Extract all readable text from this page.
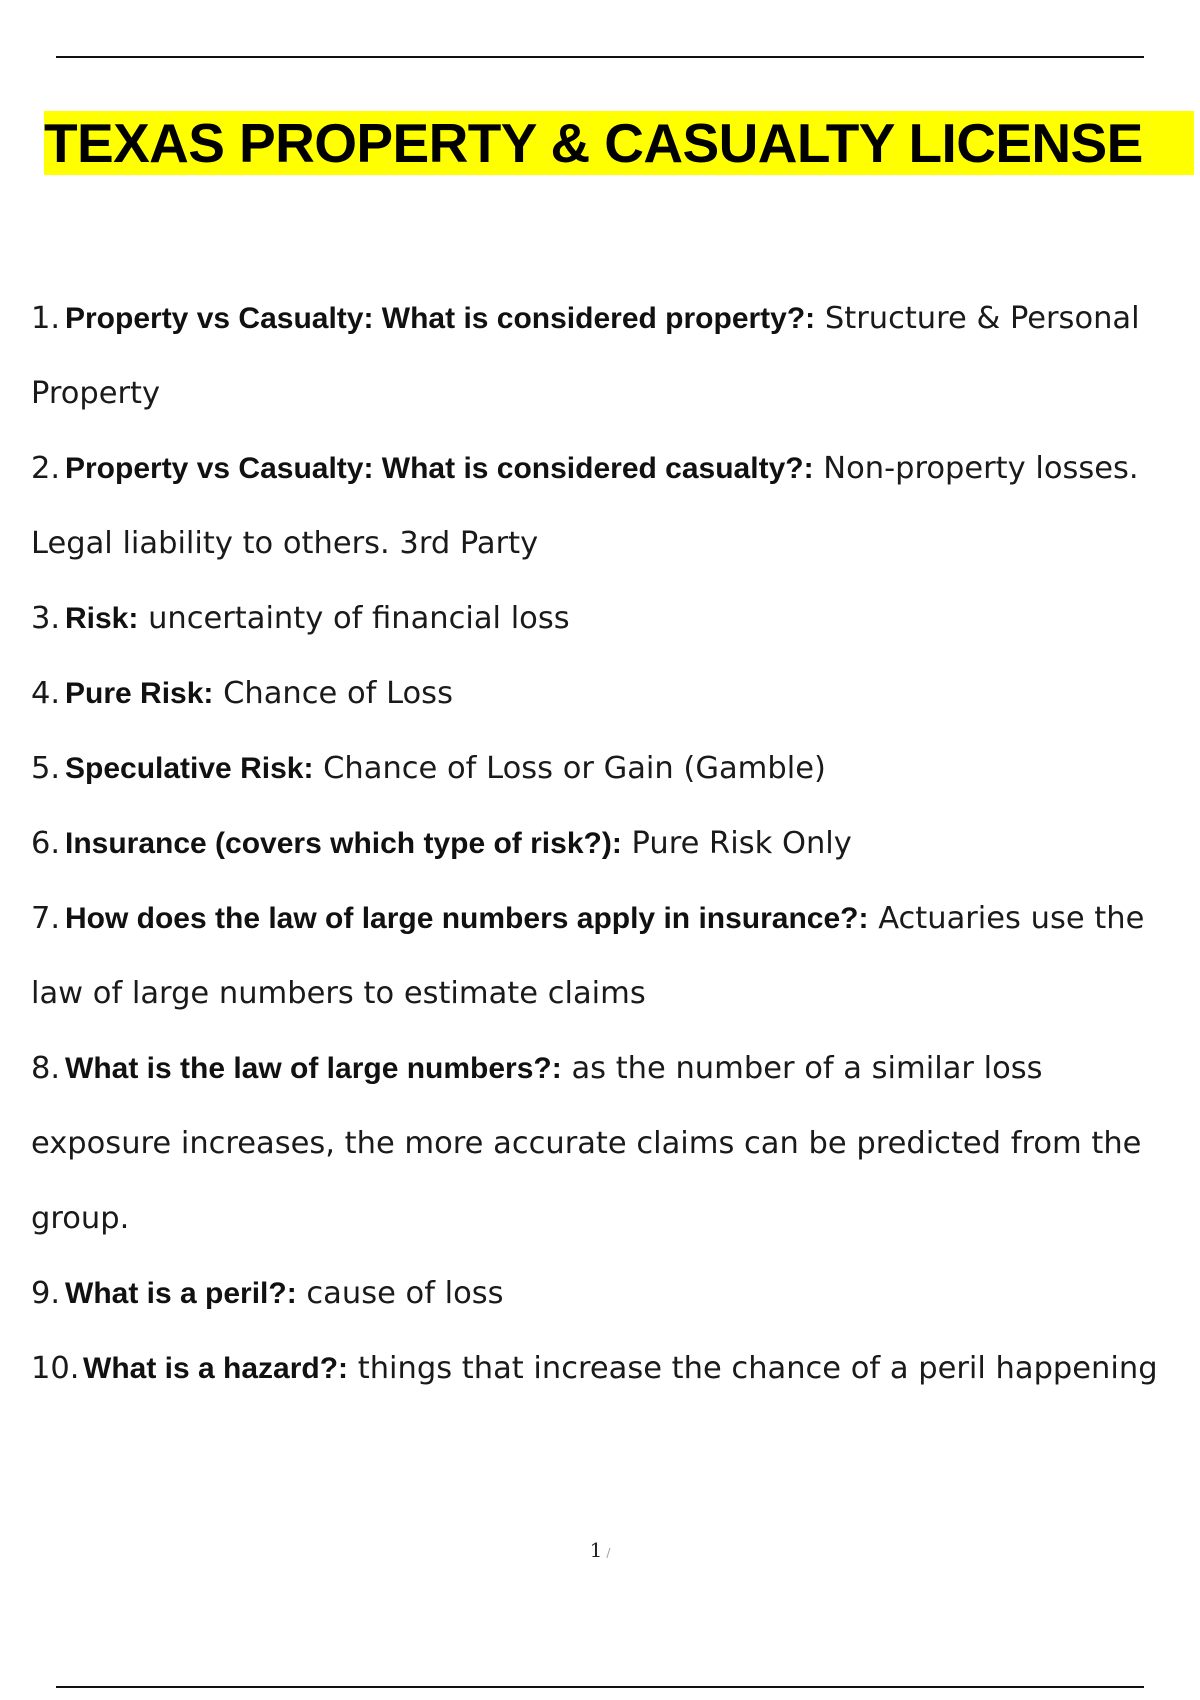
TEXAS PROPERTY & CASUALTY LICENSE
1. Property vs Casualty: What is considered property?: Structure & Personal Property
2. Property vs Casualty: What is considered casualty?: Non-property losses. Legal liability to others. 3rd Party
3. Risk: uncertainty of financial loss
4. Pure Risk: Chance of Loss
5. Speculative Risk: Chance of Loss or Gain (Gamble)
6. Insurance (covers which type of risk?): Pure Risk Only
7. How does the law of large numbers apply in insurance?: Actuaries use the law of large numbers to estimate claims
8. What is the law of large numbers?: as the number of a similar loss exposure increases, the more accurate claims can be predicted from the group.
9. What is a peril?: cause of loss
10. What is a hazard?: things that increase the chance of a peril happening
1 /
